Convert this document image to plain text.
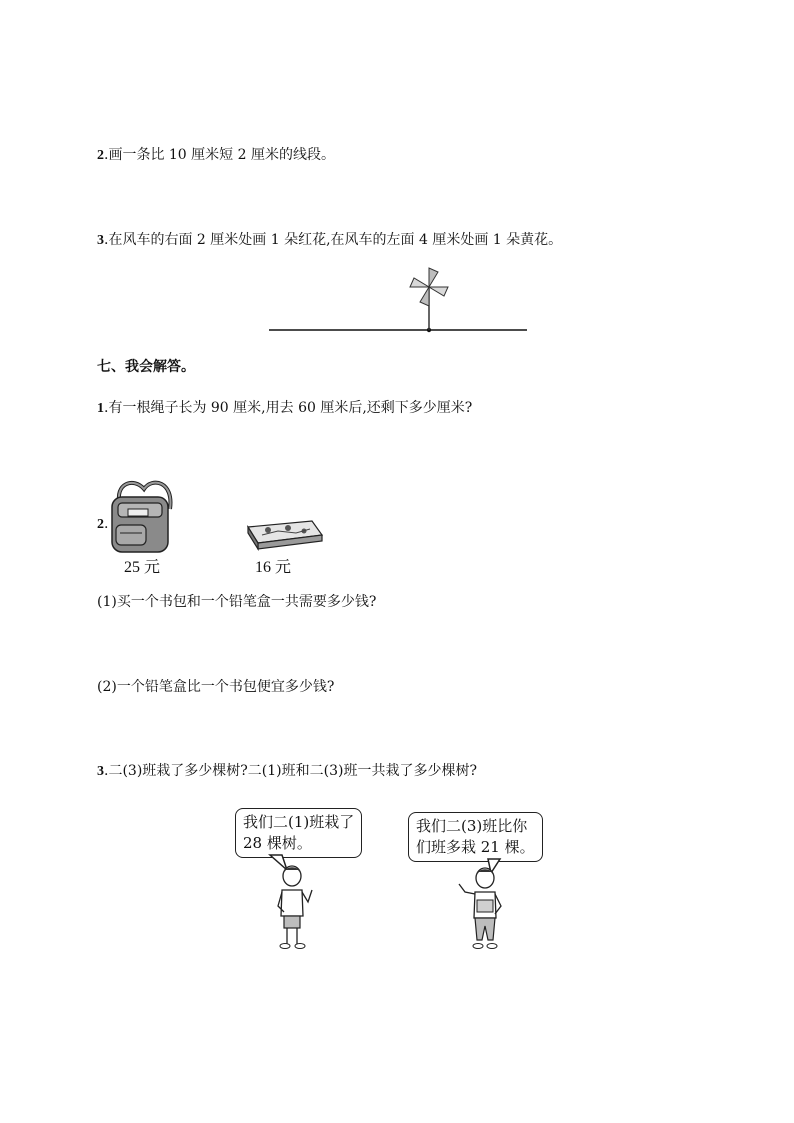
2.画一条比 10 厘米短 2 厘米的线段。
3.在风车的右面 2 厘米处画 1 朵红花,在风车的左面 4 厘米处画 1 朵黄花。
七、我会解答。
1.有一根绳子长为 90 厘米,用去 60 厘米后,还剩下多少厘米?
2.
25 元	16 元
(1)买一个书包和一个铅笔盒一共需要多少钱?
(2)一个铅笔盒比一个书包便宜多少钱?
3.二(3)班栽了多少棵树?二(1)班和二(3)班一共栽了多少棵树?
我们二(1)班栽了
28 棵树。
我们二(3)班比你
们班多栽 21 棵。
